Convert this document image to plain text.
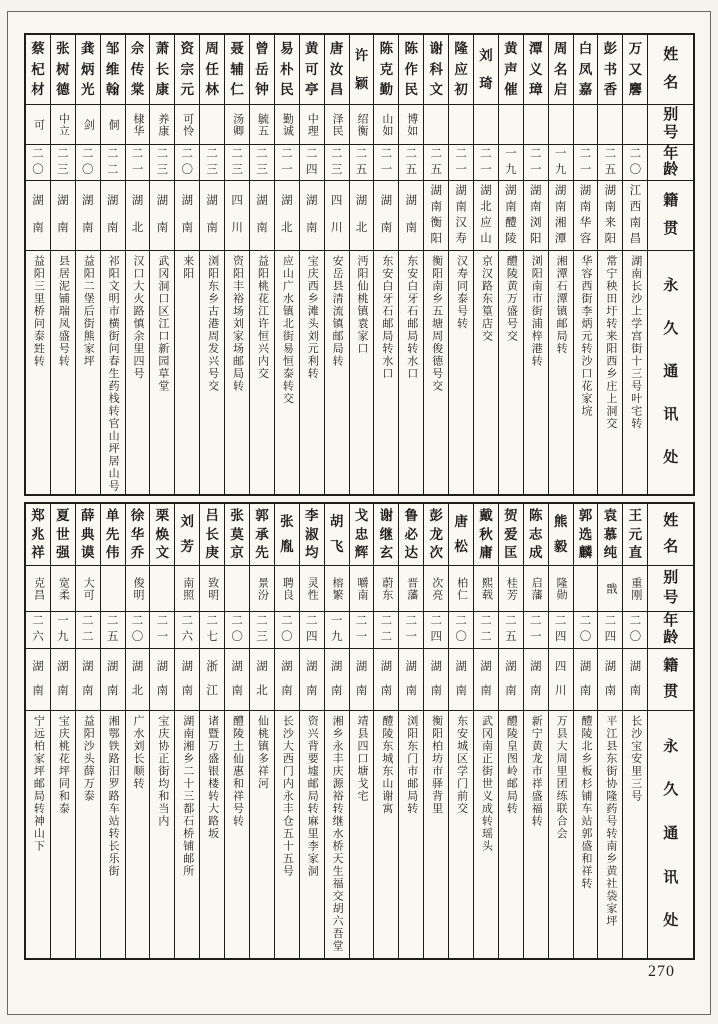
蔡
杞
材
可
二
〇
湖
南
益阳三里桥问泰甡转
张
树
德
中立
二
三
湖
南
县居泥铺瑞凤盛号转
龚
炳
光
剑
二
〇
湖
南
益阳二堡后街熊家坪
邹
维
翰
侗
二
二
湖
南
祁阳文明市横街问春生药栈转官山坪居山号
佘
传
棠
棣华
二
一
湖
北
汉口大火路慎余里四号
萧
长
康
养康
二
三
湖
南
武冈洞口区江口新园草堂
资
宗
元
可怜
二
〇
湖
南
来阳
周
任
林
二
三
湖
南
浏阳东乡古港周发兴号交
聂
辅
仁
汤卿
二
三
四
川
资阳丰裕场刘家场邮局转
曾
岳
钟
毓五
二
三
湖
南
益阳桃花江许恒兴内交
易
朴
民
勤诚
二
一
湖
北
应山广水镇北街易恒泰转交
黄
可
亭
中理
二
四
湖
南
宝庆西乡滩头刘元利转
唐
汝
昌
泽民
二
三
四
川
安岳县清流镇邮局转
许
颖
绍衡
二
五
湖
北
沔阳仙桃镇袁家口
陈
克
勤
山如
二
一
湖
南
东安白牙石邮局转水口
陈
作
民
博如
二
五
湖
南
东安白牙石邮局转水口
谢
科
文
二
五
湖
南
衡
阳
衡阳南乡五塘周俊德号交
隆
应
初
二
一
湖
南
汉
寿
汉寿同泰号转
刘
琦
二
一
湖
北
应
山
京汉路东篁店交
黄
声
催
一
九
湖
南
醴
陵
醴陵黄万盛号交
潭
义
璋
二
一
湖
南
浏
阳
浏阳南市街浦梓港转
周
名
启
一
九
湖
南
湘
潭
湘潭石潭镇邮局转
白
凤
嘉
二
一
湖
南
华
容
华容西街李炳元转沙口花家垸
彭
书
香
二
五
湖
南
来
阳
常宁秧田圩转来阳西乡庄上洞交
万
又
麐
二
〇
江
西
南
昌
湖南长沙上学宫街十三号叶宅转
姓
名
别
号
年
龄
籍
贯
永
久
通
讯
处
郑
兆
祥
克昌
二
六
湖
南
宁远柏家坪邮局转神山下
夏
世
强
宽柔
一
九
湖
南
宝庆桃花坪同和泰
薛
典
谟
大可
二
二
湖
南
益阳沙头薛万泰
单
先
伟
二
五
湖
南
湘鄂铁路汨罗路车站转长乐街
徐
华
乔
俊明
二
〇
湖
北
广水刘长顺转
栗
焕
文
二
一
湖
南
宝庆协正街均和当内
刘
芳
南照
二
六
湖
南
湖南湘乡二十三都石桥铺邮所
吕
长
庚
致明
二
七
浙
江
诸暨万盛银楼转大路坂
张
莫
京
二
〇
湖
南
醴陵土仙惠和祥号转
郭
承
先
景汾
二
三
湖
北
仙桃镇多祥河
张
胤
聘良
二
〇
湖
南
长沙大西门内永丰仓五十五号
李
淑
均
灵性
二
四
湖
南
资兴背要墟邮局转麻里李家洞
胡
飞
榕繁
一
九
湖
南
湘乡永丰庆源裕转继水桥天生福交胡六吾堂
戈
忠
辉
嚼南
二
一
湖
南
靖县四口塘戈宅
谢
继
玄
蔚东
二
二
湖
南
醴陵东城东山谢寓
鲁
必
达
晋藩
二
一
湖
南
浏阳东门市邮局转
彭
龙
次
次亮
二
四
湖
南
衡阳柏坊市驿背里
唐
松
柏仁
二
〇
湖
南
东安城区学门前交
戴
秋
庸
熙载
二
二
湖
南
武冈南正街世义成转瑶头
贺
爱
匡
桂芳
二
五
湖
南
醴陵皇图岭邮局转
陈
志
成
启藩
二
一
湖
南
新宁黄龙市祥盛福转
熊
毅
隆勋
二
四
四
川
万县大周里团练联合会
郭
选
麟
二
〇
湖
南
醴陵北乡板杉铺车站郭盛和祥转
袁
慕
纯
戬
二
四
湖
南
平江县东街协隆药号转南乡黄社袋家坪
王
元
直
重刚
二
〇
湖
南
长沙宝安里三号
姓
名
别
号
年
龄
籍
贯
永
久
通
讯
处
270
